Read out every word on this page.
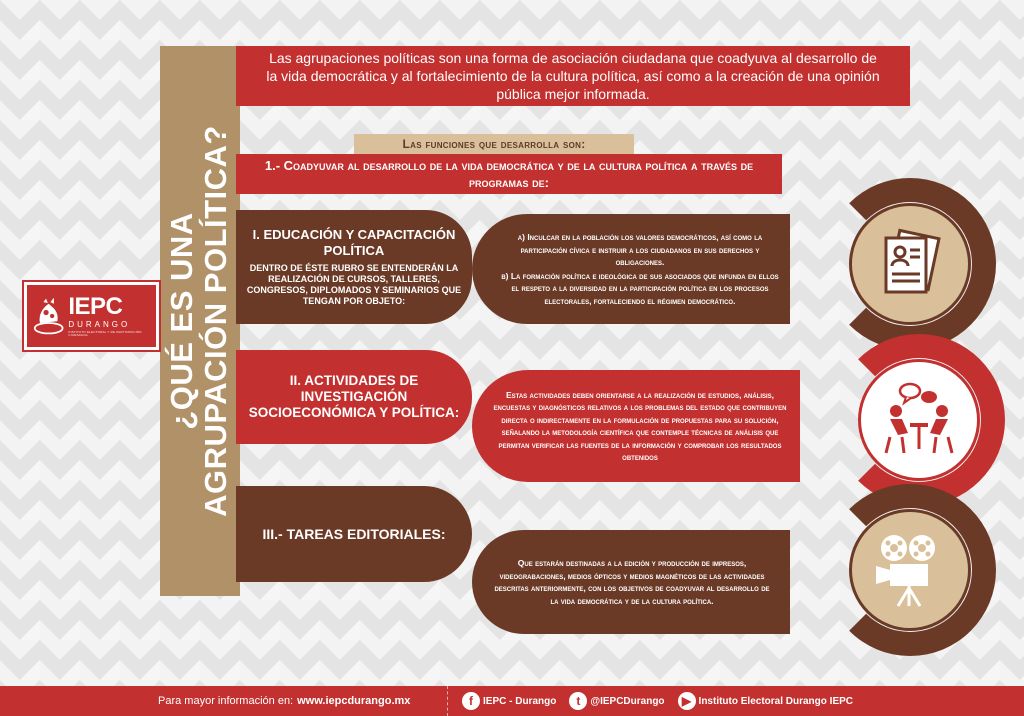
¿QUÉ ES UNA AGRUPACIÓN POLÍTICA?
IEPC
DURANGO
INSTITUTO ELECTORAL Y DE PARTICIPACIÓN CIUDADANA
Las agrupaciones políticas son una forma de asociación ciudadana que coadyuva al desarrollo de la vida democrática y al fortalecimiento de la cultura política, así como a la creación de una opinión pública mejor informada.
Las funciones que desarrolla son:
1.- Coadyuvar al desarrollo de la vida democrática y de la cultura política a través de programas de:
I. EDUCACIÓN Y CAPACITACIÓN POLÍTICA
DENTRO DE ÉSTE RUBRO SE ENTENDERÁN LA REALIZACIÓN DE CURSOS, TALLERES, CONGRESOS, DIPLOMADOS Y SEMINARIOS QUE TENGAN POR OBJETO:
II. ACTIVIDADES DE INVESTIGACIÓN SOCIOECONÓMICA Y POLÍTICA:
III.- TAREAS EDITORIALES:

a) Inculcar en la población los valores democráticos, así como la participación cívica e instruir a los ciudadanos en sus derechos y obligaciones.

b) La formación política e ideológica de sus asociados que infunda en ellos el respeto a la diversidad en la participación política en los procesos electorales, fortaleciendo el régimen democrático.

Estas actividades deben orientarse a la realización de estudios, análisis, encuestas y diagnósticos relativos a los problemas del estado que contribuyen directa o indirectamente en la formulación de propuestas para su solución, señalando la metodología científica que contemple técnicas de análisis que permitan verificar las fuentes de la información y comprobar los resultados obtenidos

Que estarán destinadas a la edición y producción de impresos, videograbaciones, medios ópticos y medios magnéticos de las actividades descritas anteriormente, con los objetivos de coadyuvar al desarrollo de la vida democrática y de la cultura política.

Para mayor información en: www.iepcdurango.mx	f	IEPC - Durango	t	@IEPCDurango	▶ Instituto Electoral Durango IEPC
